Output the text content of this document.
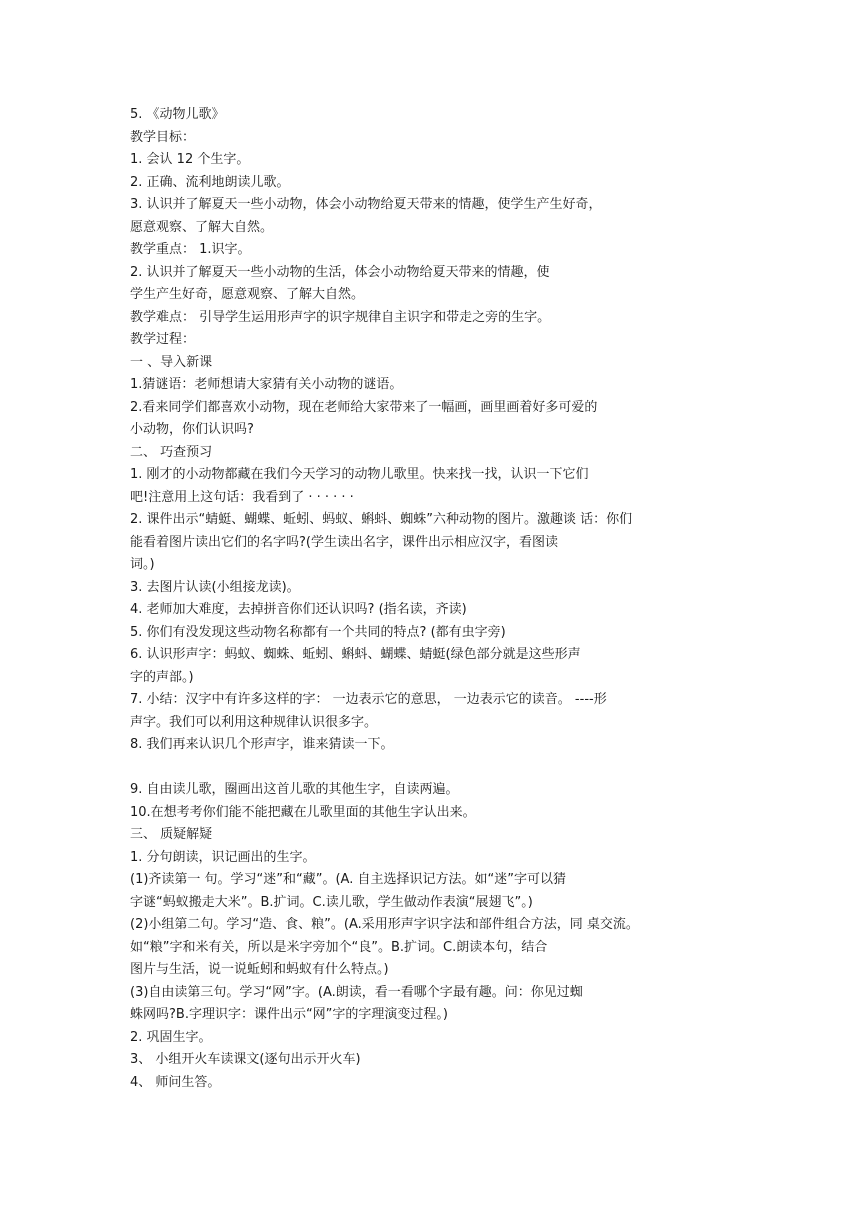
5. 《动物儿歌》
教学目标：
1. 会认 12 个生字。
2. 正确、流利地朗读儿歌。
3. 认识并了解夏天一些小动物，体会小动物给夏天带来的情趣，使学生产生好奇，
愿意观察、了解大自然。
教学重点： 1.识字。
2. 认识并了解夏天一些小动物的生活，体会小动物给夏天带来的情趣，使
学生产生好奇，愿意观察、了解大自然。
教学难点： 引导学生运用形声字的识字规律自主识字和带走之旁的生字。
教学过程：
一 、导入新课
1.猜谜语：老师想请大家猜有关小动物的谜语。
2.看来同学们都喜欢小动物，现在老师给大家带来了一幅画，画里画着好多可爱的
小动物，你们认识吗?
二、 巧查预习
1. 刚才的小动物都藏在我们今天学习的动物儿歌里。快来找一找，认识一下它们
吧!注意用上这句话：我看到了 · · · · · ·
2. 课件出示“蜻蜓、蝴蝶、蚯蚓、蚂蚁、蝌蚪、蜘蛛”六种动物的图片。激趣谈 话：你们
能看着图片读出它们的名字吗?(学生读出名字，课件出示相应汉字，看图读
词。)
3. 去图片认读(小组接龙读)。
4. 老师加大难度，去掉拼音你们还认识吗? (指名读，齐读)
5. 你们有没发现这些动物名称都有一个共同的特点? (都有虫字旁)
6. 认识形声字：蚂蚁、蜘蛛、蚯蚓、蝌蚪、蝴蝶、蜻蜓(绿色部分就是这些形声
字的声部。)
7. 小结：汉字中有许多这样的字： 一边表示它的意思， 一边表示它的读音。 ----形
声字。我们可以利用这种规律认识很多字。
8. 我们再来认识几个形声字，谁来猜读一下。
9. 自由读儿歌，圈画出这首儿歌的其他生字，自读两遍。
10.在想考考你们能不能把藏在儿歌里面的其他生字认出来。
三、 质疑解疑
1. 分句朗读，识记画出的生字。
(1)齐读第一 句。学习“迷”和“藏”。(A. 自主选择识记方法。如“迷”字可以猜
字谜“蚂蚁搬走大米”。B.扩词。C.读儿歌，学生做动作表演“展翅飞”。)
(2)小组第二句。学习“造、食、粮”。(A.采用形声字识字法和部件组合方法，同 桌交流。
如“粮”字和米有关，所以是米字旁加个“良”。B.扩词。C.朗读本句，结合
图片与生活，说一说蚯蚓和蚂蚁有什么特点。)
(3)自由读第三句。学习“网”字。(A.朗读，看一看哪个字最有趣。问：你见过蜘
蛛网吗?B.字理识字：课件出示“网”字的字理演变过程。)
2. 巩固生字。
3、 小组开火车读课文(逐句出示开火车)
4、 师问生答。
